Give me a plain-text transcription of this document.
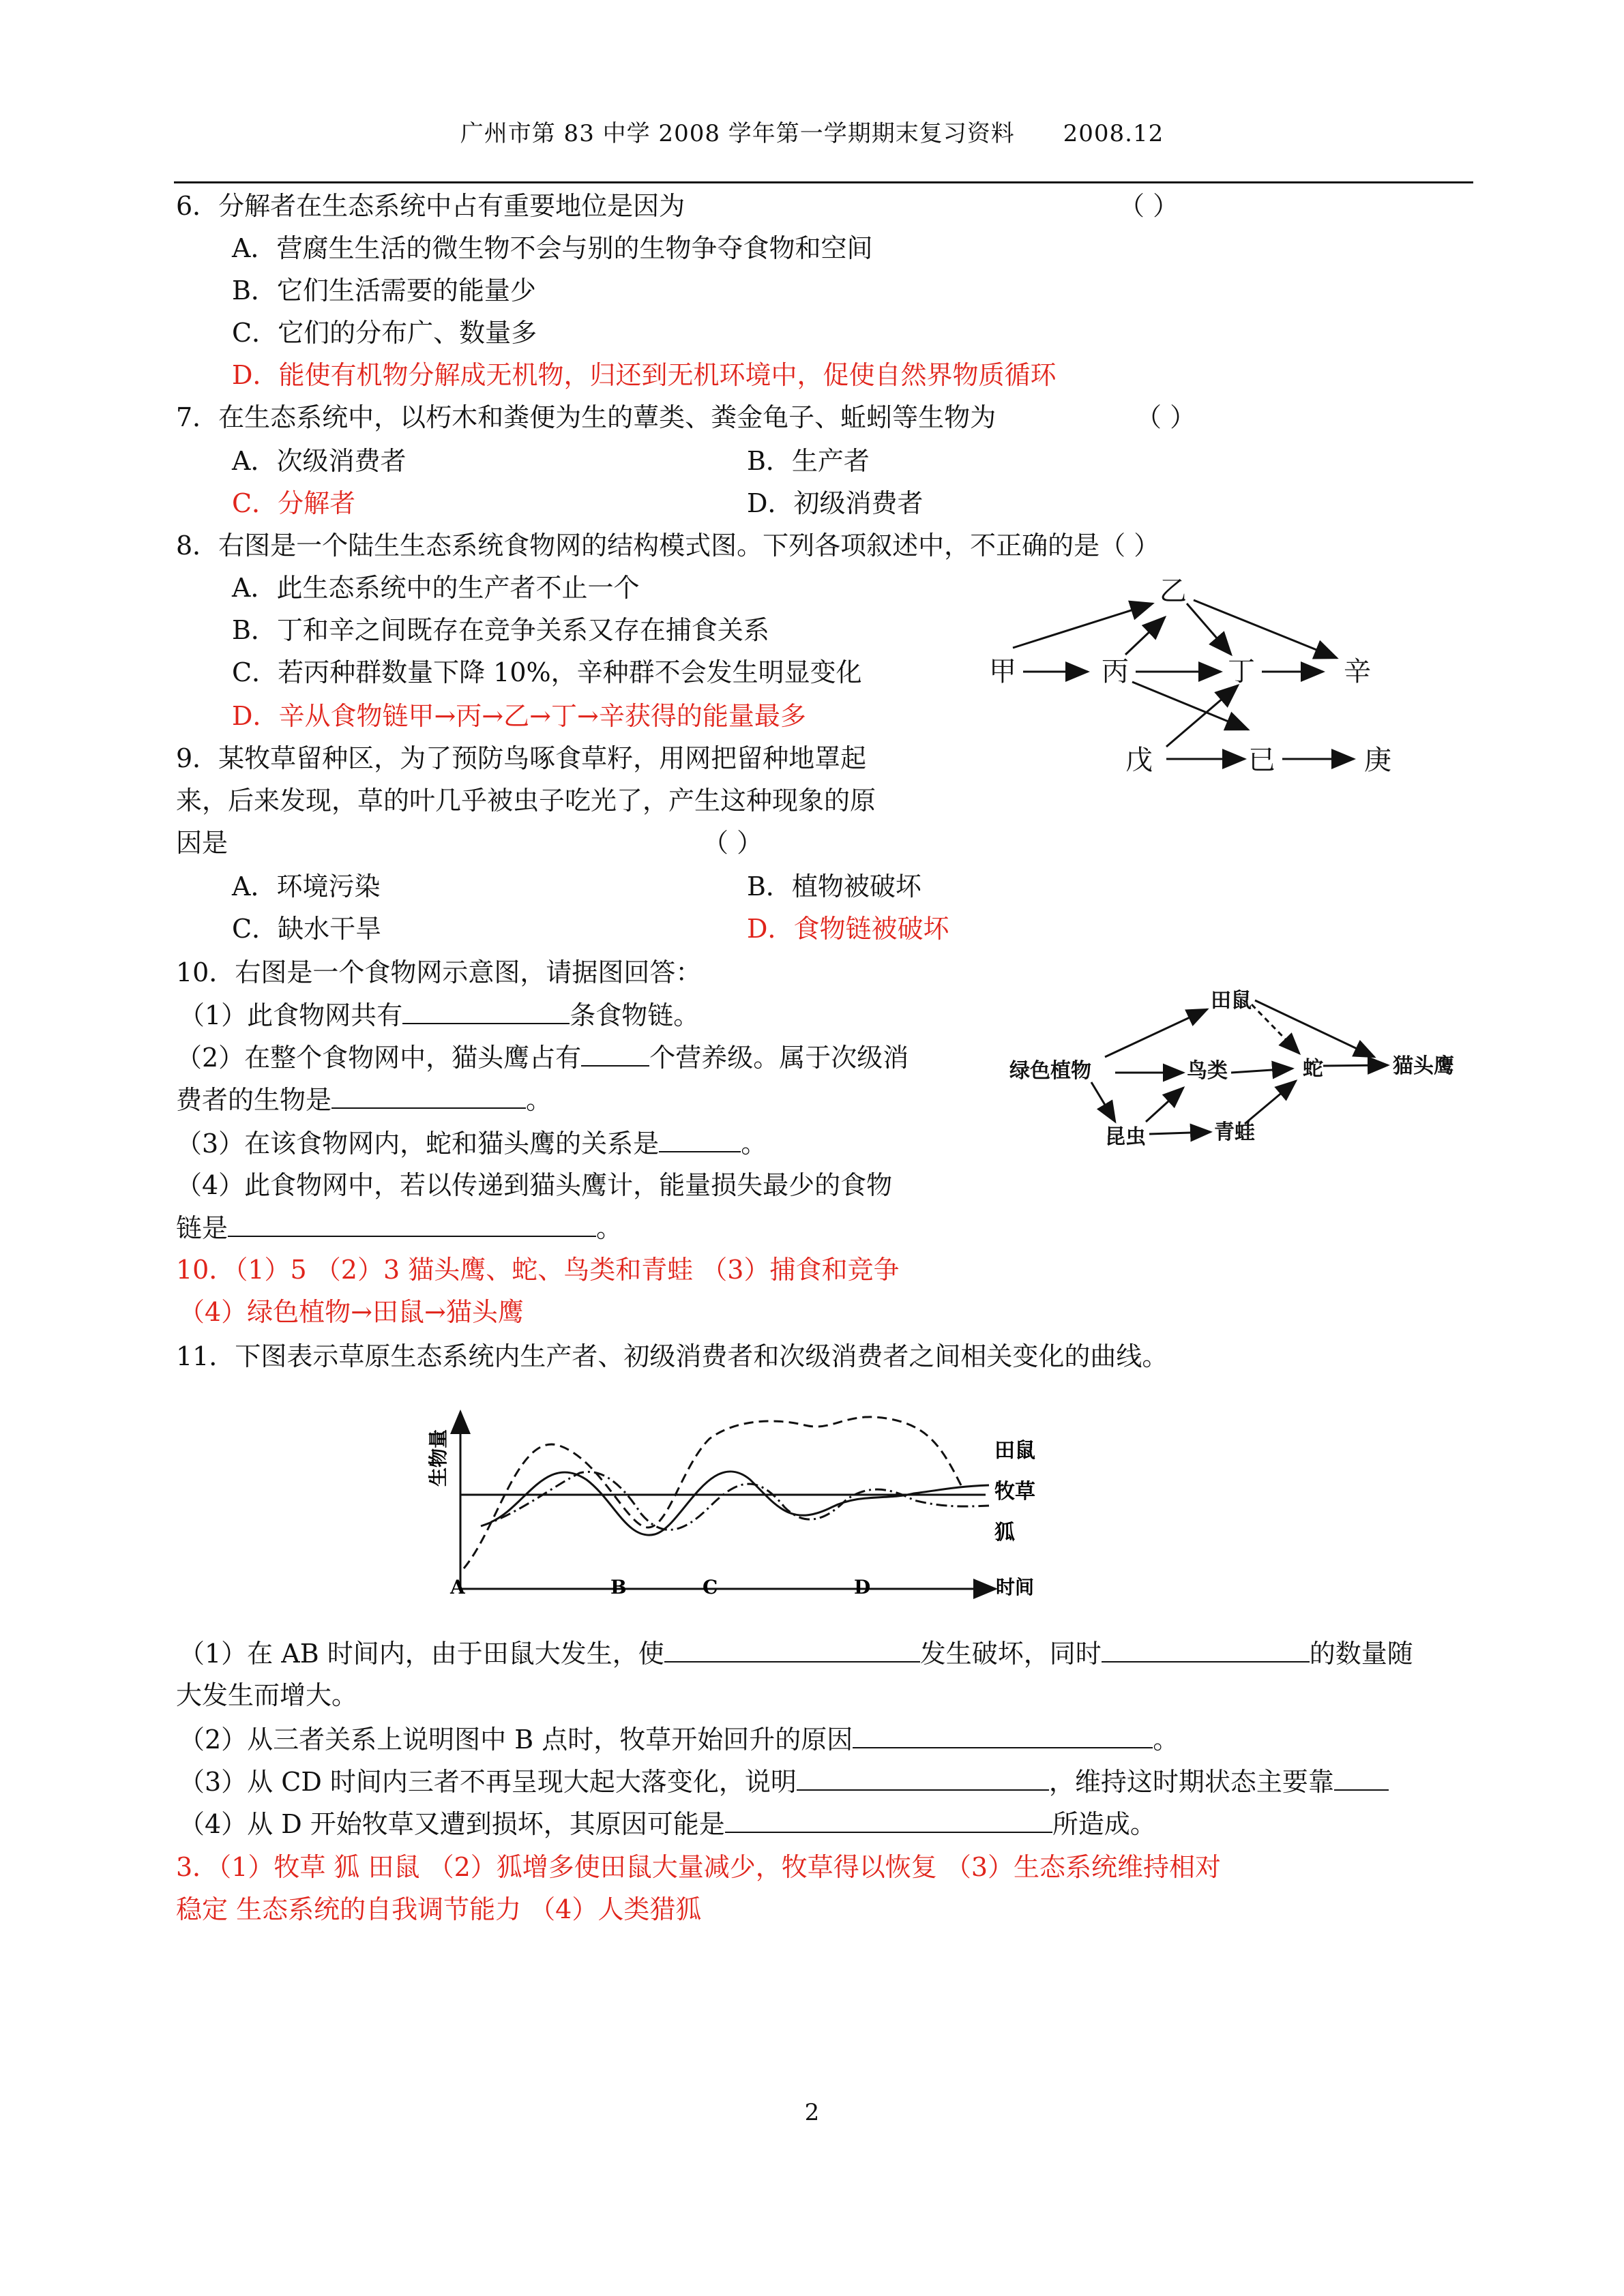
广州市第 83 中学 2008 学年第一学期期末复习资料 2008.12
6．分解者在生态系统中占有重要地位是因为	（ ）
A．营腐生生活的微生物不会与别的生物争夺食物和空间
B．它们生活需要的能量少
C．它们的分布广、数量多
D．能使有机物分解成无机物，归还到无机环境中，促使自然界物质循环
7．在生态系统中，以朽木和粪便为生的蕈类、粪金龟子、蚯蚓等生物为	（ ）
A．次级消费者	B．生产者
C．分解者	D．初级消费者
8．右图是一个陆生生态系统食物网的结构模式图。下列各项叙述中，不正确的是（ ）
A．此生态系统中的生产者不止一个
B．丁和辛之间既存在竞争关系又存在捕食关系
C．若丙种群数量下降 10%，辛种群不会发生明显变化
D．辛从食物链甲→丙→乙→丁→辛获得的能量最多
甲	丙
乙
丁	辛
戊	已	庚
9．某牧草留种区，为了预防鸟啄食草籽，用网把留种地罩起
来，后来发现，草的叶几乎被虫子吃光了，产生这种现象的原
因是	（ ）
A．环境污染	B．植物被破坏
C．缺水干旱	D．食物链被破坏
10．右图是一个食物网示意图，请据图回答：
（1）此食物网共有	条食物链。
（2）在整个食物网中，猫头鹰占有	个营养级。属于次级消
费者的生物是	。
（3）在该食物网内，蛇和猫头鹰的关系是	。
（4）此食物网中，若以传递到猫头鹰计，能量损失最少的食物
链是	。
10．（1）5 （2）3 猫头鹰、蛇、鸟类和青蛙 （3）捕食和竞争
（4）绿色植物→田鼠→猫头鹰
绿色植物
田鼠
鸟类
昆虫	青蛙
蛇	猫头鹰
11．下图表示草原生态系统内生产者、初级消费者和次级消费者之间相关变化的曲线。
生物量	田鼠
牧草
狐
A	B	C	D	时间
（1）在 AB 时间内，由于田鼠大发生，使	发生破坏，同时	的数量随
大发生而增大。
（2）从三者关系上说明图中 B 点时，牧草开始回升的原因	。
（3）从 CD 时间内三者不再呈现大起大落变化，说明	，维持这时期状态主要靠
（4）从 D 开始牧草又遭到损坏，其原因可能是	所造成。
3．（1）牧草 狐 田鼠 （2）狐增多使田鼠大量减少，牧草得以恢复 （3）生态系统维持相对
稳定 生态系统的自我调节能力 （4）人类猎狐
2
